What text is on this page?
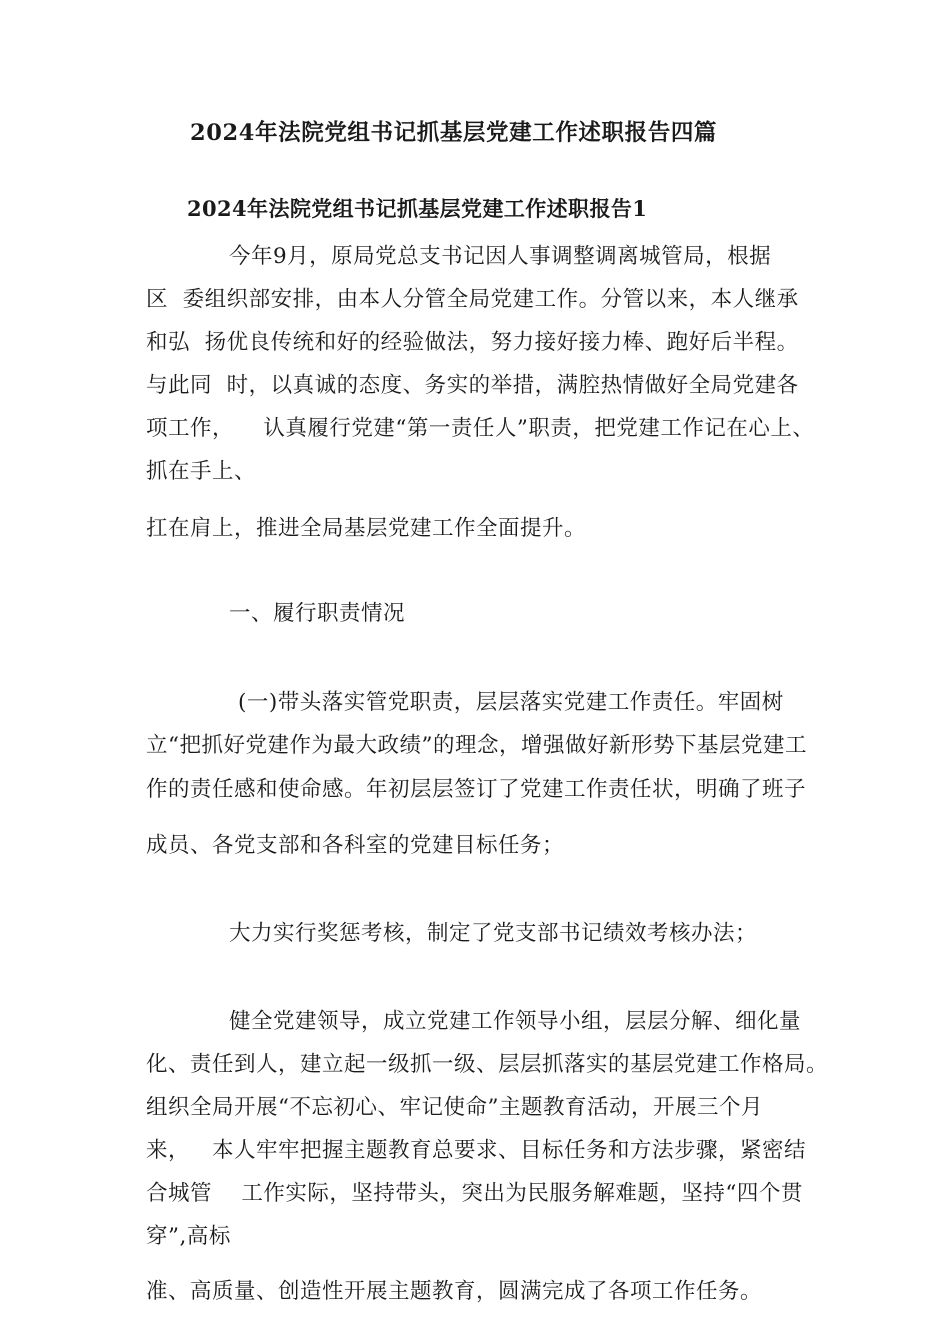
2024年法院党组书记抓基层党建工作述职报告四篇
2024年法院党组书记抓基层党建工作述职报告1
今年9月，原局党总支书记因人事调整调离城管局，根据
区  委组织部安排，由本人分管全局党建工作。分管以来，本人继承
和弘  扬优良传统和好的经验做法，努力接好接力棒、跑好后半程。
与此同  时，以真诚的态度、务实的举措，满腔热情做好全局党建各
项工作，    认真履行党建“第一责任人”职责，把党建工作记在心上、
抓在手上、
扛在肩上，推进全局基层党建工作全面提升。
一、履行职责情况
(一)带头落实管党职责，层层落实党建工作责任。牢固树
立“把抓好党建作为最大政绩”的理念，增强做好新形势下基层党建工
作的责任感和使命感。年初层层签订了党建工作责任状，明确了班子
成员、各党支部和各科室的党建目标任务；
大力实行奖惩考核，制定了党支部书记绩效考核办法；
健全党建领导，成立党建工作领导小组，层层分解、细化量
化、责任到人，建立起一级抓一级、层层抓落实的基层党建工作格局。
组织全局开展“不忘初心、牢记使命”主题教育活动，开展三个月
来，   本人牢牢把握主题教育总要求、目标任务和方法步骤，紧密结
合城管    工作实际，坚持带头，突出为民服务解难题，坚持“四个贯
穿”,高标
准、高质量、创造性开展主题教育，圆满完成了各项工作任务。
